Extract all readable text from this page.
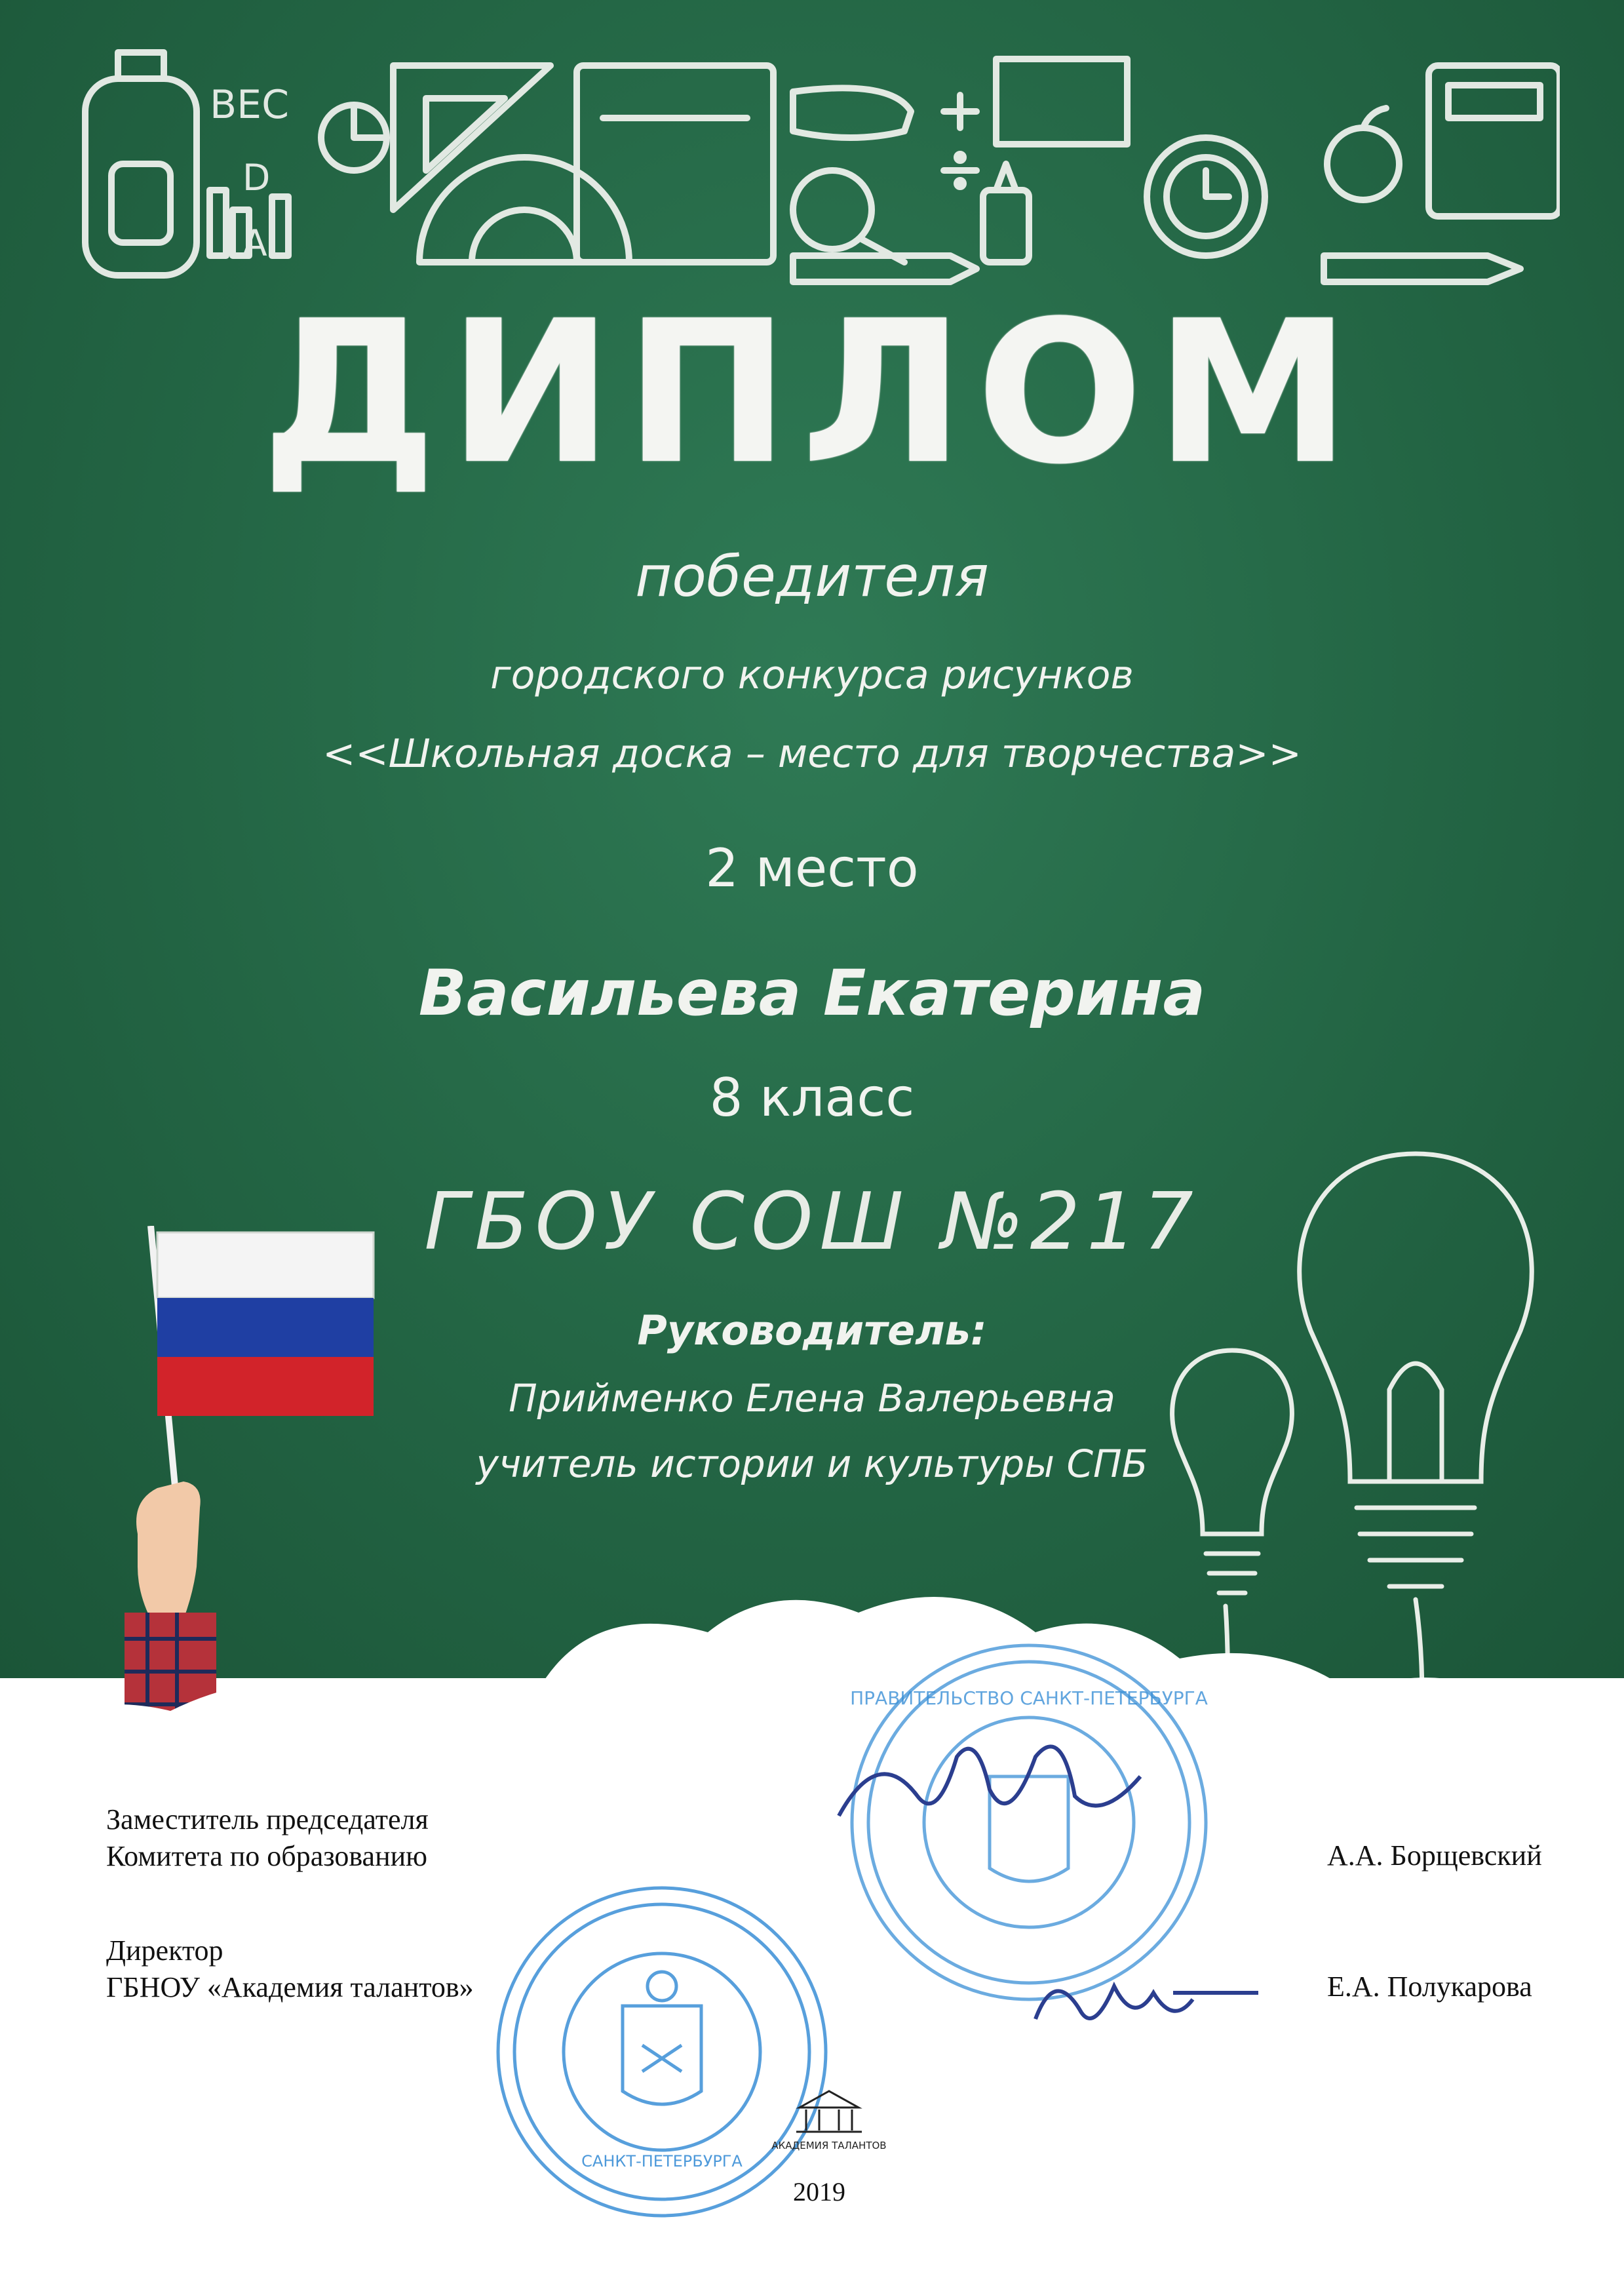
BEC
D
A
ДИПЛОМ
победителя
городского конкурса рисунков
<<Школьная доска – место для творчества>>
2 место
Васильева Екатерина
8 класс
ГБОУ СОШ №217
Руководитель:
Прийменко Елена Валерьевна
учитель истории и культуры СПБ
Заместитель председателя
Комитета по образованию	А.А. Борщевский
Директор
ГБНОУ «Академия талантов»	Е.А. Полукарова
САНКТ-ПЕТЕРБУРГА
ПРАВИТЕЛЬСТВО САНКТ-ПЕТЕРБУРГА
АКАДЕМИЯ ТАЛАНТОВ
2019
